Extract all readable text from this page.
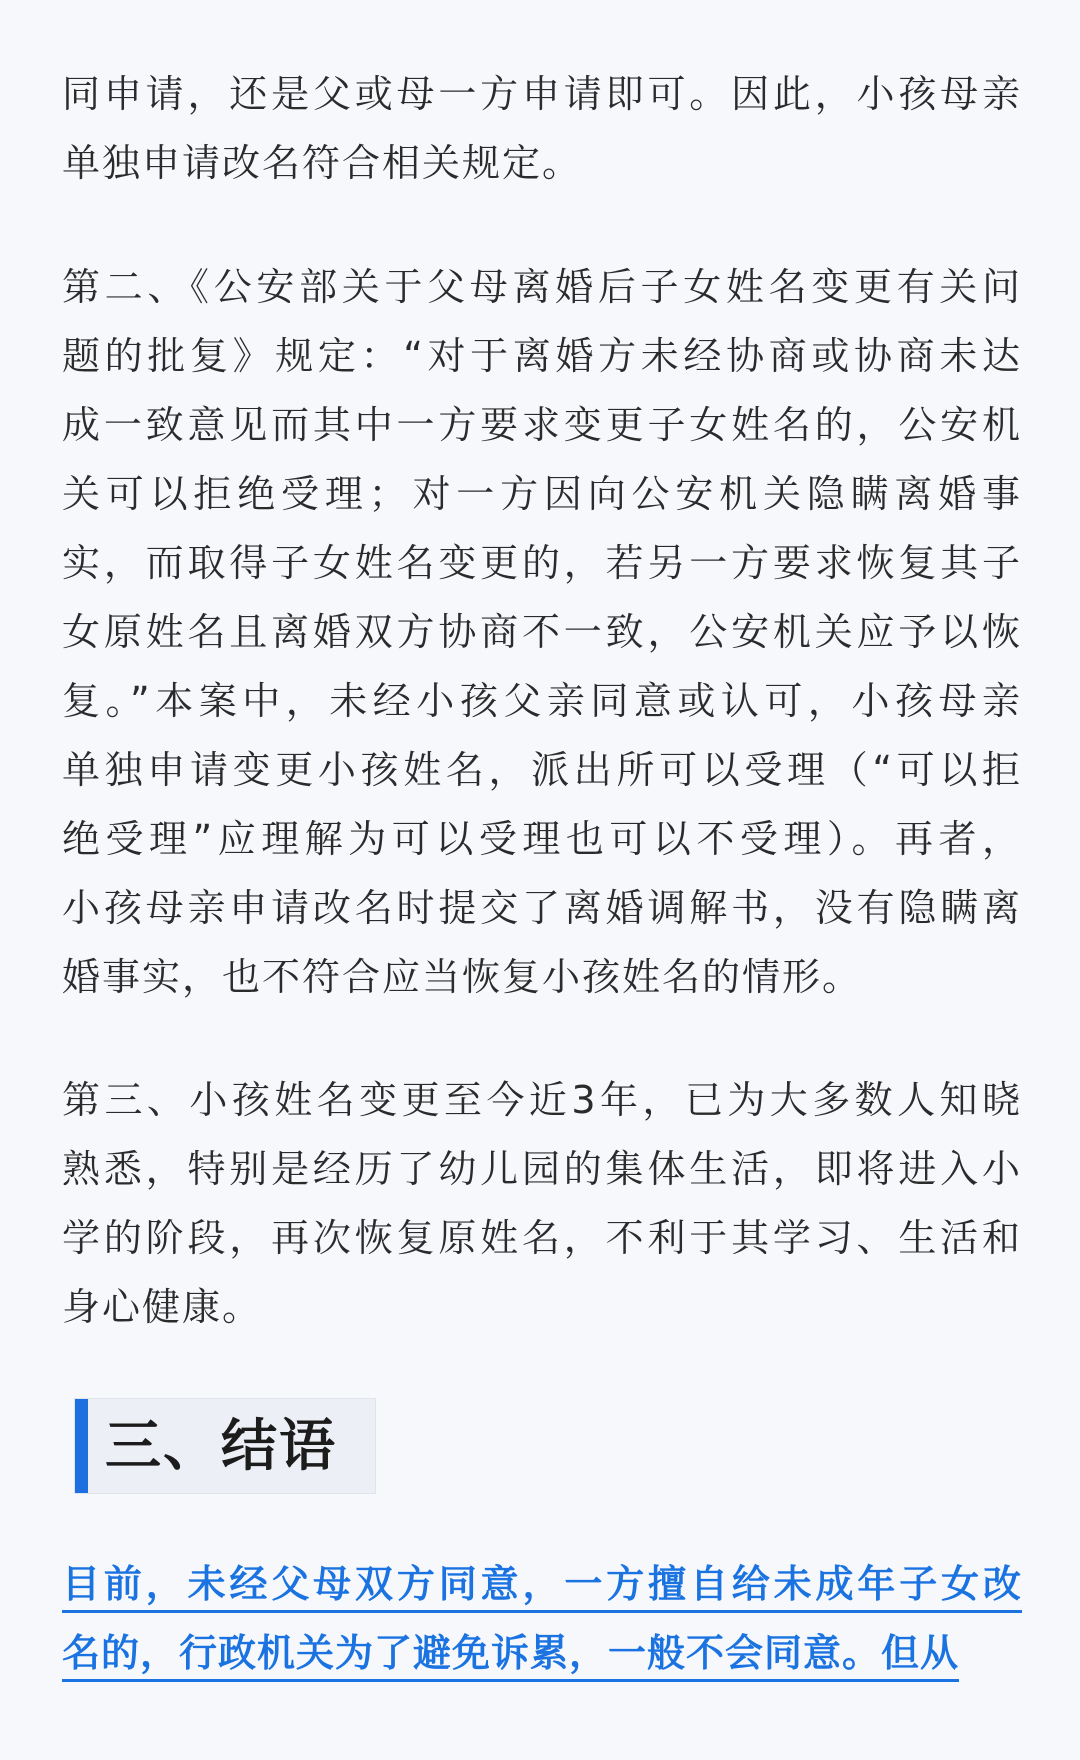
同申请，还是父或母一方申请即可。因此，小孩母亲
单独申请改名符合相关规定。
第二、《公安部关于父母离婚后子女姓名变更有关问
题的批复》规定：“对于离婚方未经协商或协商未达
成一致意见而其中一方要求变更子女姓名的，公安机
关可以拒绝受理；对一方因向公安机关隐瞒离婚事
实，而取得子女姓名变更的，若另一方要求恢复其子
女原姓名且离婚双方协商不一致，公安机关应予以恢
复。”本案中，未经小孩父亲同意或认可，小孩母亲
单独申请变更小孩姓名，派出所可以受理（“可以拒
绝受理”应理解为可以受理也可以不受理）。再者，
小孩母亲申请改名时提交了离婚调解书，没有隐瞒离
婚事实，也不符合应当恢复小孩姓名的情形。
第三、小孩姓名变更至今近3年，已为大多数人知晓
熟悉，特别是经历了幼儿园的集体生活，即将进入小
学的阶段，再次恢复原姓名，不利于其学习、生活和
身心健康。
三、结语
目前，未经父母双方同意，一方擅自给未成年子女改
名的，行政机关为了避免诉累，一般不会同意。但从
